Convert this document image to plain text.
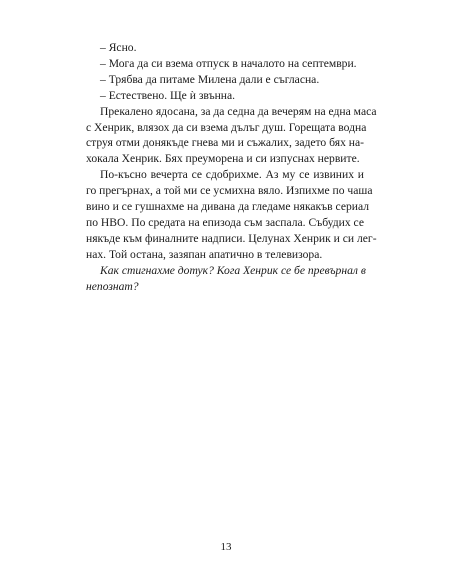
– Ясно.
– Мога да си взема отпуск в началото на септември.
– Трябва да питаме Милена дали е съгласна.
– Естествено. Ще ѝ звънна.
Прекалено ядосана, за да седна да вечерям на една маса
с Хенрик, влязох да си взема дълъг душ. Горещата водна
струя отми донякъде гнева ми и съжалих, задето бях на-
хокала Хенрик. Бях преуморена и си изпуснах нервите.
По-късно вечерта се сдобрихме. Аз му се извиних и
го прегърнах, а той ми се усмихна вяло. Изпихме по чаша
вино и се гушнахме на дивана да гледаме някакъв сериал
по HBO. По средата на епизода съм заспала. Събудих се
някъде към финалните надписи. Целунах Хенрик и си лег-
нах. Той остана, зазяпан апатично в телевизора.
Как стигнахме дотук? Кога Хенрик се бе превърнал в
непознат?
13
